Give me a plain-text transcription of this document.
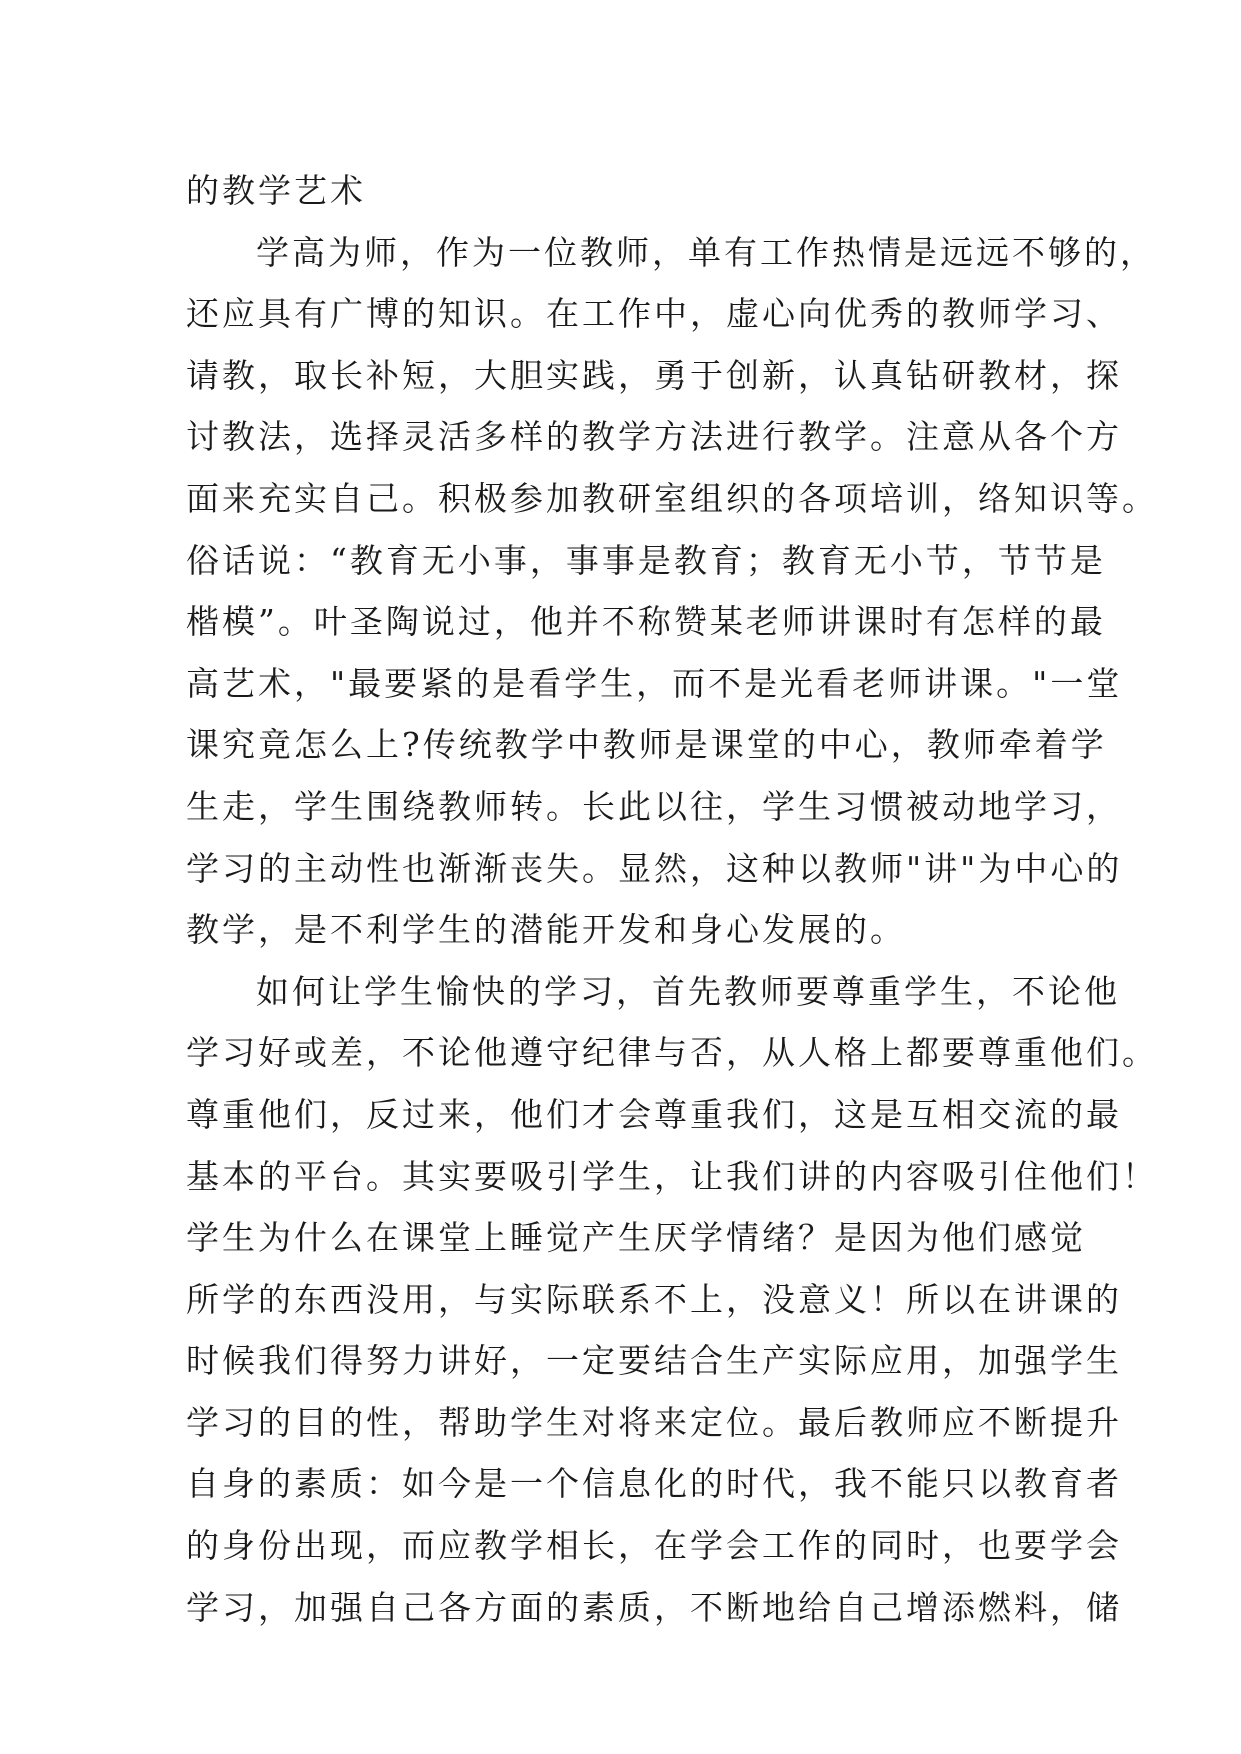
的教学艺术
学高为师，作为一位教师，单有工作热情是远远不够的，
还应具有广博的知识。在工作中，虚心向优秀的教师学习、
请教，取长补短，大胆实践，勇于创新，认真钻研教材，探
讨教法，选择灵活多样的教学方法进行教学。注意从各个方
面来充实自己。积极参加教研室组织的各项培训，络知识等。
俗话说：“教育无小事，事事是教育；教育无小节，节节是
楷模”。叶圣陶说过，他并不称赞某老师讲课时有怎样的最
高艺术，"最要紧的是看学生，而不是光看老师讲课。"一堂
课究竟怎么上?传统教学中教师是课堂的中心，教师牵着学
生走，学生围绕教师转。长此以往，学生习惯被动地学习，
学习的主动性也渐渐丧失。显然，这种以教师"讲"为中心的
教学，是不利学生的潜能开发和身心发展的。
如何让学生愉快的学习，首先教师要尊重学生，不论他
学习好或差，不论他遵守纪律与否，从人格上都要尊重他们。
尊重他们，反过来，他们才会尊重我们，这是互相交流的最
基本的平台。其实要吸引学生，让我们讲的内容吸引住他们！
学生为什么在课堂上睡觉产生厌学情绪？是因为他们感觉
所学的东西没用，与实际联系不上，没意义！所以在讲课的
时候我们得努力讲好，一定要结合生产实际应用，加强学生
学习的目的性，帮助学生对将来定位。最后教师应不断提升
自身的素质：如今是一个信息化的时代，我不能只以教育者
的身份出现，而应教学相长，在学会工作的同时，也要学会
学习，加强自己各方面的素质，不断地给自己增添燃料，储
